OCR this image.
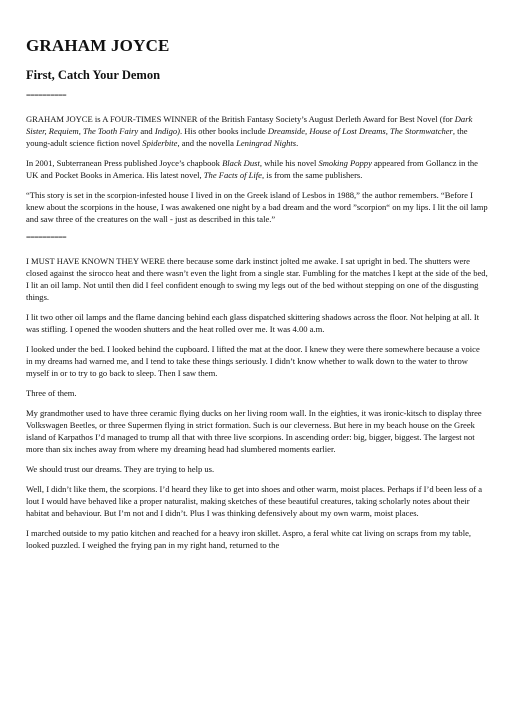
GRAHAM JOYCE
First, Catch Your Demon
==========

GRAHAM JOYCE is A FOUR-TIMES WINNER of the British Fantasy Society’s August Derleth Award for Best Novel (for Dark Sister, Requiem, The Tooth Fairy and Indigo). His other books include Dreamside, House of Lost Dreams, The Stormwatcher, the young-adult science fiction novel Spiderbite, and the novella Leningrad Nights.

In 2001, Subterranean Press published Joyce’s chapbook Black Dust, while his novel Smoking Poppy appeared from Gollancz in the UK and Pocket Books in America. His latest novel, The Facts of Life, is from the same publishers.

“This story is set in the scorpion-infested house I lived in on the Greek island of Lesbos in 1988,” the author remembers. “Before I knew about the scorpions in the house, I was awakened one night by a bad dream and the word ”scorpion“ on my lips. I lit the oil lamp and saw three of the creatures on the wall - just as described in this tale.”

==========

I MUST HAVE KNOWN THEY WERE there because some dark instinct jolted me awake. I sat upright in bed. The shutters were closed against the sirocco heat and there wasn’t even the light from a single star. Fumbling for the matches I kept at the side of the bed, I lit an oil lamp. Not until then did I feel confident enough to swing my legs out of the bed without stepping on one of the disgusting things.

I lit two other oil lamps and the flame dancing behind each glass dispatched skittering shadows across the floor. Not helping at all. It was stifling. I opened the wooden shutters and the heat rolled over me. It was 4.00 a.m.

I looked under the bed. I looked behind the cupboard. I lifted the mat at the door. I knew they were there somewhere because a voice in my dreams had warned me, and I tend to take these things seriously. I didn’t know whether to walk down to the water to throw myself in or to try to go back to sleep. Then I saw them.

Three of them.

My grandmother used to have three ceramic flying ducks on her living room wall. In the eighties, it was ironic-kitsch to display three Volkswagen Beetles, or three Supermen flying in strict formation. Such is our cleverness. But here in my beach house on the Greek island of Karpathos I’d managed to trump all that with three live scorpions. In ascending order: big, bigger, biggest. The largest not more than six inches away from where my dreaming head had slumbered moments earlier.

We should trust our dreams. They are trying to help us.

Well, I didn’t like them, the scorpions. I’d heard they like to get into shoes and other warm, moist places. Perhaps if I’d been less of a lout I would have behaved like a proper naturalist, making sketches of these beautiful creatures, taking scholarly notes about their habitat and behaviour. But I’m not and I didn’t. Plus I was thinking defensively about my own warm, moist places.

I marched outside to my patio kitchen and reached for a heavy iron skillet. Aspro, a feral white cat living on scraps from my table, looked puzzled. I weighed the frying pan in my right hand, returned to the
